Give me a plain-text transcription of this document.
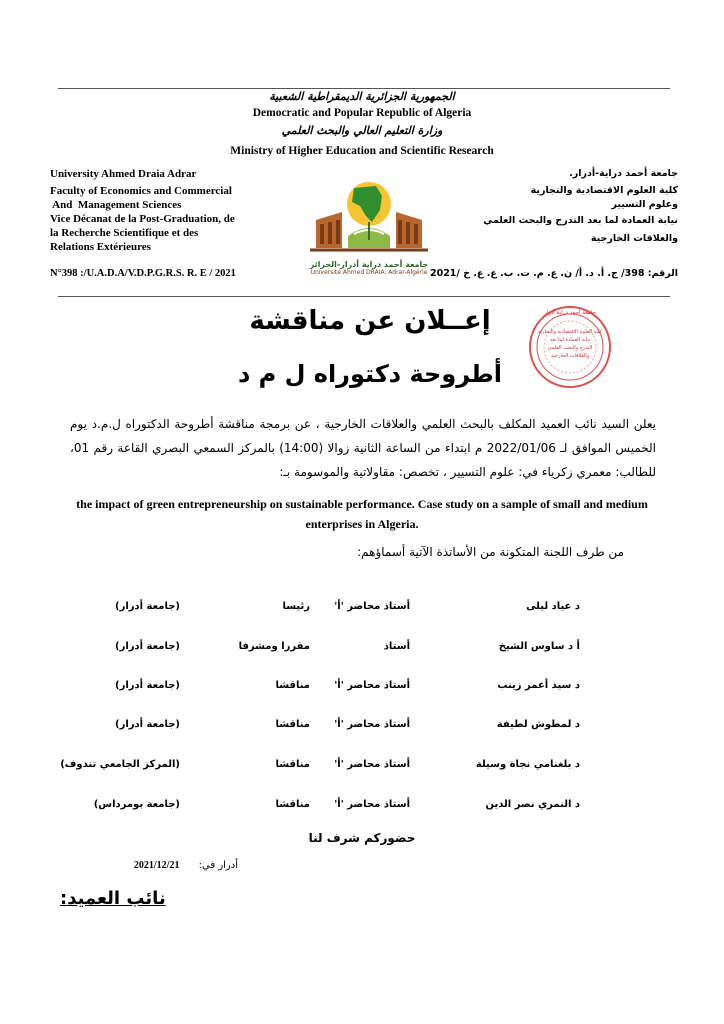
الجمهورية الجزائرية الديمقراطية الشعبية
Democratic and Popular Republic of Algeria
وزارة التعليم العالي والبحث العلمي
Ministry of Higher Education and Scientific Research
University Ahmed Draia Adrar
Faculty of Economics and Commercial
And  Management Sciences
Vice Décanat de la Post-Graduation, de
la Recherche Scientifique et des
Relations Extérieures
N°398 :/U.A.D.A/V.D.P.G.R.S. R. E / 2021
جامعة أحمد دراية-أدرار.
كلية العلوم الاقتصادية والتجارية
وعلوم التسيير
نيابة العمادة لما بعد التدرج والبحث العلمي
والعلاقات الخارجية
الرقم: 398/ ج. أ. د. أ/ ن. ع. م. ت. ب. ع. ع. خ /2021
جامعة أحمد دراية أدرار-الجزائر
Université Ahmed DRAIA. Adrar-Algérie
جامعة أحمد دراية أدرار
كلية العلوم الاقتصادية والتجارية
نيابة العمادة لما بعد
التدرج والبحث العلمي
والعلاقات الخارجية
إعــلان عن مناقشة
أطروحة دكتوراه ل م د
يعلن السيد نائب العميد المكلف بالبحث العلمي والعلاقات الخارجية ، عن برمجة مناقشة أطروحة الدكتوراه ل.م.د يوم الخميس الموافق لـ 2022/01/06 م ابتداء من الساعة الثانية زوالا (14:00) بالمركز السمعي البصري القاعة رقم 01، للطالب: معمري زكرياء في: علوم التسيير ، تخصص: مقاولاتية والموسومة بـ:
the impact of green entrepreneurship on sustainable performance. Case study on a sample of small and medium enterprises in Algeria.
من طرف اللجنة المتكونة من الأساتذة الآتية أسماؤهم:
د عياد ليلى
أستاذ محاضر 'أ'
رئيسا
(جامعة أدرار)
أ د ساوس الشيخ
أستاذ
مقررا ومشرفا
(جامعة أدرار)
د سيد أعمر زينب
أستاذ محاضر 'أ'
مناقشا
(جامعة أدرار)
د لمطوش لطيفة
أستاذ محاضر 'أ'
مناقشا
(جامعة أدرار)
د بلغنامي نجاة وسيلة
أستاذ محاضر 'أ'
مناقشا
(المركز الجامعي تندوف)
د النمري نصر الدين
أستاذ محاضر 'أ'
مناقشا
(جامعة بومرداس)
حضوركم شرف لنا
أدرار في: 2021/12/21
نائب العميد:
